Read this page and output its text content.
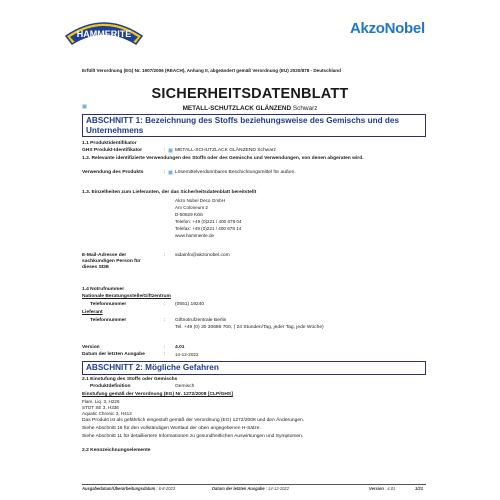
HAMMERITE	AkzoNobel
Erfüllt Verordnung (EG) Nr. 1907/2006 (REACH), Anhang II, abgeändert gemäß Verordnung (EU) 2020/878 - Deutschland
SICHERHEITSDATENBLATT
METALL-SCHUTZLACK GLÄNZEND Schwarz
ABSCHNITT 1: Bezeichnung des Stoffs beziehungsweise des Gemischs und des Unternehmens
1.1 Produktidentifikator
GHS Produkt-Identifikator	: METALL-SCHUTZLACK GLÄNZEND Schwarz
1.2. Relevante identifizierte Verwendungen des Stoffs oder des Gemischs und Verwendungen, von denen abgeraten wird.
Verwendung des Produkts	: Lösemittelverdünnbares Beschichtungsmittel für außen.
1.3. Einzelheiten zum Lieferanten, der das Sicherheitsdatenblatt bereitstellt
Akzo Nobel Deco GmbH
Am Coloneum 2
D-50829 Köln
Telefon: +49 (0)221 / 400 678 04
Telefax: +49 (0)221 / 400 678 14
www.hammerite.de
E-Mail-Adresse der
sachkundigen Person für
dieses SDB
: sidainfo@akzonobel.com
1.4 Notrufnummer
Nationale Beratungsstelle/Giftzentrum
Telefonnummer	: (0551) 19240
Lieferant
Telefonnummer	: Giftnotrufzentrale Berlin
Tel. +49 (0) 30 30686 700, ( 24 Stunden/Tag, jeder Tag, jede Woche)
Version	: 4.01
Datum der letzten Ausgabe	: 14-12-2022
ABSCHNITT 2: Mögliche Gefahren
2.1 Einstufung des Stoffs oder Gemischs
Produktdefinition	Gemisch
Einstufung gemäß der Verordnung (EG) Nr. 1272/2008 [CLP/GHS]
Flam. Liq. 3, H226
STOT SE 3, H336
Aquatic Chronic 3, H412
Das Produkt ist als gefährlich eingestuft gemäß der Verordnung (EG) 1272/2008 und den Änderungen.
Siehe Abschnitt 16 für den vollständigen Wortlaut der oben angegebenen H-Sätze.
Siehe Abschnitt 11 für detailliertere Informationen zu gesundheitlichen Auswirkungen und Symptomen.
2.2 Kennzeichnungselemente
Ausgabedatum/Überarbeitungsdatum : 6-8-2023	Datum der letzten Ausgabe : 14-12-2022	Version : 4.01	1/21
